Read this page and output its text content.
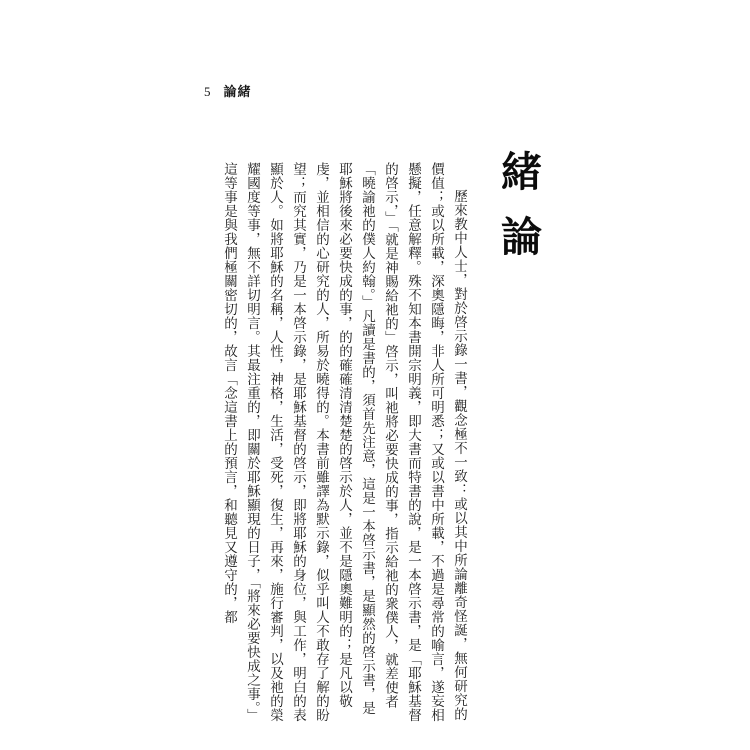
5 論緒
緒論

歷來教中人士，對於啓示錄一書，觀念極不一致：或以其中所論離奇怪誕，無何研究的價值；或以所載，深奧隱晦，非人所可明悉；又或以書中所載，不過是尋常的喻言，遂妄相懸擬，任意解釋。殊不知本書開宗明義，即大書而特書的說，是一本啓示書，是「耶穌基督的啓示，」「就是神賜給祂的」啓示，叫祂將必要快成的事，指示給祂的衆僕人，就差使者「曉諭祂的僕人約翰。」凡讀是書的，須首先注意，這是一本啓示書，是顯然的啓示書，是耶穌將後來必要快成的事，的的確確清清楚楚的啓示於人，並不是隱奧難明的；是凡以敬虔，並相信的心研究的人，所易於曉得的。本書前雖譯為默示錄，似乎叫人不敢存了解的盼望；而究其實，乃是一本啓示錄，是耶穌基督的啓示，即將耶穌的身位，與工作，明白的表顯於人。如將耶穌的名稱，人性，神格，生活，受死，復生，再來，施行審判，以及祂的榮耀國度等事，無不詳切明言。其最注重的，即關於耶穌顯現的日子，「將來必要快成之事。」這等事是與我們極關密切的，故言「念這書上的預言，和聽見又遵守的，都
